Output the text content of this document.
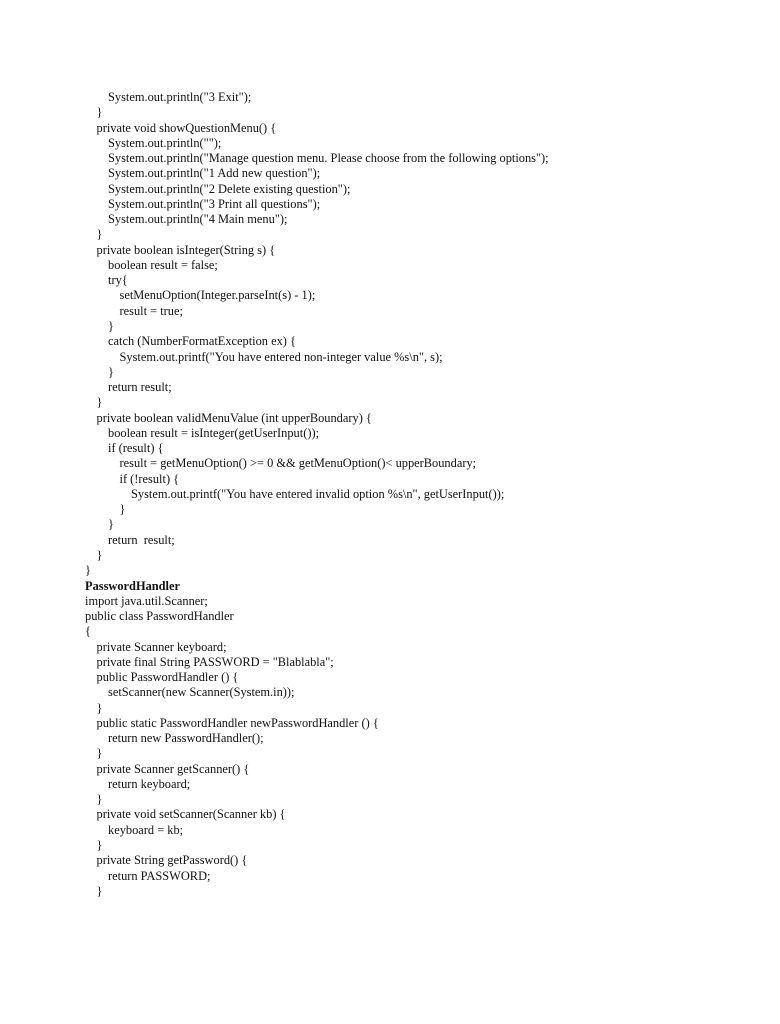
System.out.println("3 Exit");
}
private void showQuestionMenu() {
System.out.println("");
System.out.println("Manage question menu. Please choose from the following options");
System.out.println("1 Add new question");
System.out.println("2 Delete existing question");
System.out.println("3 Print all questions");
System.out.println("4 Main menu");
}
private boolean isInteger(String s) {
boolean result = false;
try{
setMenuOption(Integer.parseInt(s) - 1);
result = true;
}
catch (NumberFormatException ex) {
System.out.printf("You have entered non-integer value %s\n", s);
}
return result;
}
private boolean validMenuValue (int upperBoundary) {
boolean result = isInteger(getUserInput());
if (result) {
result = getMenuOption() >= 0 && getMenuOption()< upperBoundary;
if (!result) {
System.out.printf("You have entered invalid option %s\n", getUserInput());
}
}
return  result;
}
}
PasswordHandler
import java.util.Scanner;
public class PasswordHandler
{
private Scanner keyboard;
private final String PASSWORD = "Blablabla";
public PasswordHandler () {
setScanner(new Scanner(System.in));
}
public static PasswordHandler newPasswordHandler () {
return new PasswordHandler();
}
private Scanner getScanner() {
return keyboard;
}
private void setScanner(Scanner kb) {
keyboard = kb;
}
private String getPassword() {
return PASSWORD;
}
